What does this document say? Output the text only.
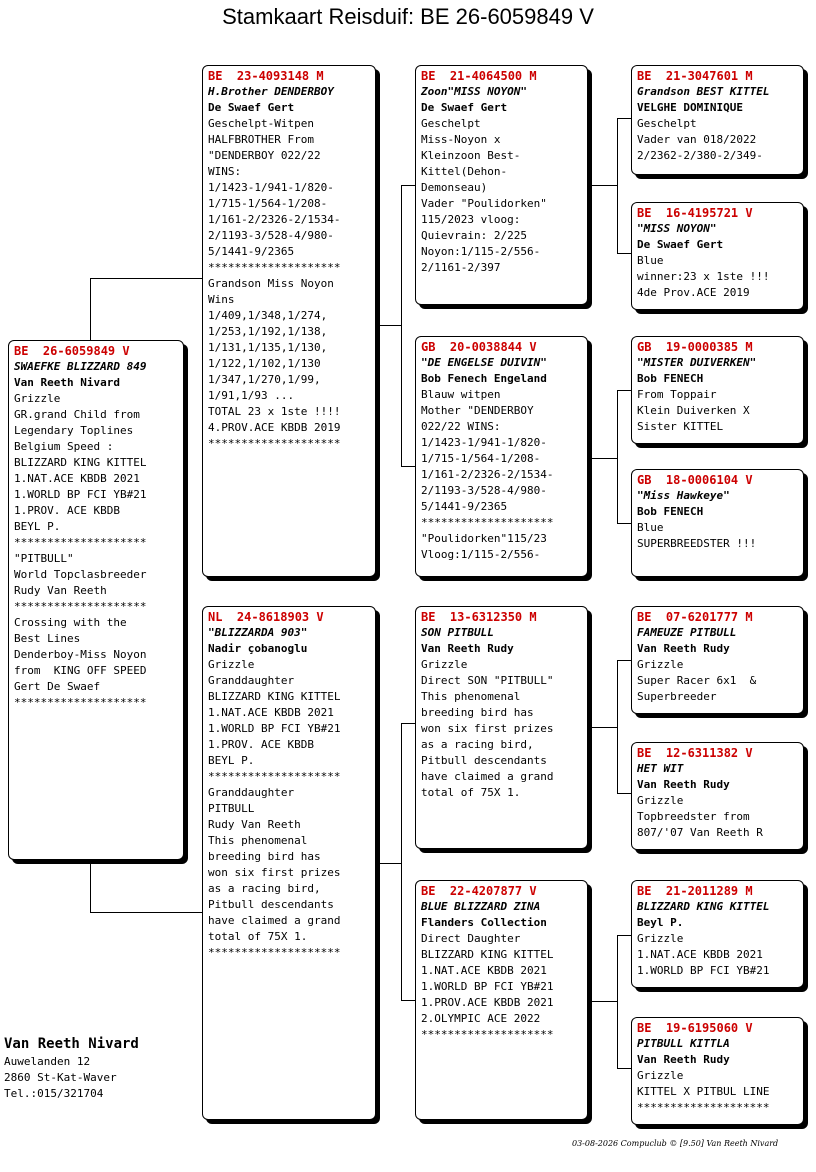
Stamkaart Reisduif: BE 26-6059849 V
BE  26-6059849 V
SWAEFKE BLIZZARD 849
Van Reeth Nivard
Grizzle
GR.grand Child from
Legendary Toplines
Belgium Speed :
BLIZZARD KING KITTEL
1.NAT.ACE KBDB 2021
1.WORLD BP FCI YB#21
1.PROV. ACE KBDB
BEYL P.
********************
"PITBULL"
World Topclasbreeder
Rudy Van Reeth
********************
Crossing with the
Best Lines
Denderboy-Miss Noyon
from  KING OFF SPEED
Gert De Swaef
********************
BE  23-4093148 M
H.Brother DENDERBOY
De Swaef Gert
Geschelpt-Witpen
HALFBROTHER From
"DENDERBOY 022/22
WINS:
1/1423-1/941-1/820-
1/715-1/564-1/208-
1/161-2/2326-2/1534-
2/1193-3/528-4/980-
5/1441-9/2365
********************
Grandson Miss Noyon
Wins
1/409,1/348,1/274,
1/253,1/192,1/138,
1/131,1/135,1/130,
1/122,1/102,1/130
1/347,1/270,1/99,
1/91,1/93 ...
TOTAL 23 x 1ste !!!!
4.PROV.ACE KBDB 2019
********************
NL  24-8618903 V
"BLIZZARDA 903"
Nadir çobanoglu
Grizzle
Granddaughter
BLIZZARD KING KITTEL
1.NAT.ACE KBDB 2021
1.WORLD BP FCI YB#21
1.PROV. ACE KBDB
BEYL P.
********************
Granddaughter
PITBULL
Rudy Van Reeth
This phenomenal
breeding bird has
won six first prizes
as a racing bird,
Pitbull descendants
have claimed a grand
total of 75X 1.
********************
BE  21-4064500 M
Zoon"MISS NOYON"
De Swaef Gert
Geschelpt
Miss-Noyon x
Kleinzoon Best-
Kittel(Dehon-
Demonseau)
Vader "Poulidorken"
115/2023 vloog:
Quievrain: 2/225
Noyon:1/115-2/556-
2/1161-2/397
GB  20-0038844 V
"DE ENGELSE DUIVIN"
Bob Fenech Engeland
Blauw witpen
Mother "DENDERBOY
022/22 WINS:
1/1423-1/941-1/820-
1/715-1/564-1/208-
1/161-2/2326-2/1534-
2/1193-3/528-4/980-
5/1441-9/2365
********************
"Poulidorken"115/23
Vloog:1/115-2/556-
BE  13-6312350 M
SON PITBULL
Van Reeth Rudy
Grizzle
Direct SON "PITBULL"
This phenomenal
breeding bird has
won six first prizes
as a racing bird,
Pitbull descendants
have claimed a grand
total of 75X 1.
BE  22-4207877 V
BLUE BLIZZARD ZINA
Flanders Collection
Direct Daughter
BLIZZARD KING KITTEL
1.NAT.ACE KBDB 2021
1.WORLD BP FCI YB#21
1.PROV.ACE KBDB 2021
2.OLYMPIC ACE 2022
********************
BE  21-3047601 M
Grandson BEST KITTEL
VELGHE DOMINIQUE
Geschelpt
Vader van 018/2022
2/2362-2/380-2/349-
BE  16-4195721 V
"MISS NOYON"
De Swaef Gert
Blue
winner:23 x 1ste !!!
4de Prov.ACE 2019
GB  19-0000385 M
"MISTER DUIVERKEN"
Bob FENECH
From Toppair
Klein Duiverken X
Sister KITTEL
GB  18-0006104 V
"Miss Hawkeye"
Bob FENECH
Blue
SUPERBREEDSTER !!!
BE  07-6201777 M
FAMEUZE PITBULL
Van Reeth Rudy
Grizzle
Super Racer 6x1  &
Superbreeder
BE  12-6311382 V
HET WIT
Van Reeth Rudy
Grizzle
Topbreedster from
807/'07 Van Reeth R
BE  21-2011289 M
BLIZZARD KING KITTEL
Beyl P.
Grizzle
1.NAT.ACE KBDB 2021
1.WORLD BP FCI YB#21
BE  19-6195060 V
PITBULL KITTLA
Van Reeth Rudy
Grizzle
KITTEL X PITBUL LINE
********************
Van Reeth Nivard
Auwelanden 12
2860 St-Kat-Waver
Tel.:015/321704
03-08-2026 Compuclub © [9.50] Van Reeth Nivard
